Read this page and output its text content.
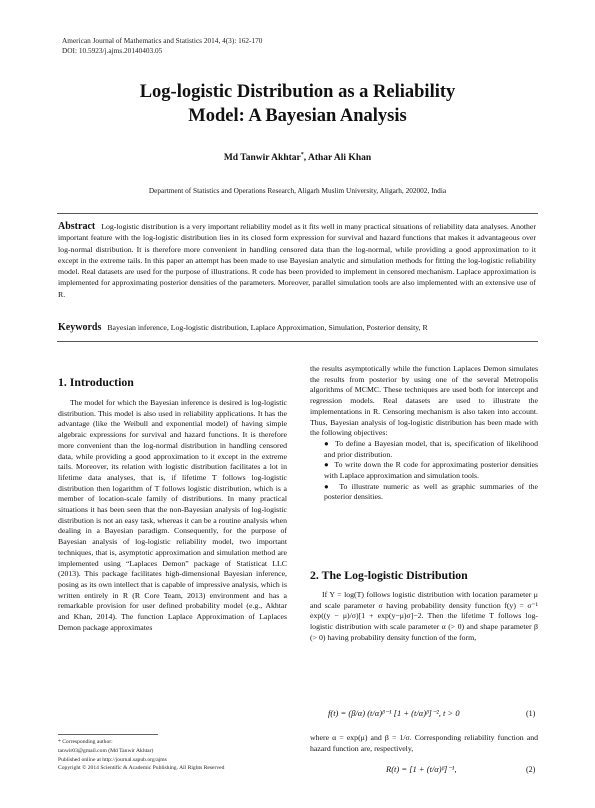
American Journal of Mathematics and Statistics 2014, 4(3): 162-170
DOI: 10.5923/j.ajms.20140403.05
Log-logistic Distribution as a Reliability
Model: A Bayesian Analysis
Md Tanwir Akhtar*, Athar Ali Khan
Department of Statistics and Operations Research, Aligarh Muslim University, Aligarh, 202002, India
Abstract Log-logistic distribution is a very important reliability model as it fits well in many practical situations of reliability data analyses. Another important feature with the log-logistic distribution lies in its closed form expression for survival and hazard functions that makes it advantageous over log-normal distribution. It is therefore more convenient in handling censored data than the log-normal, while providing a good approximation to it except in the extreme tails. In this paper an attempt has been made to use Bayesian analytic and simulation methods for fitting the log-logistic reliability model. Real datasets are used for the purpose of illustrations. R code has been provided to implement in censored mechanism. Laplace approximation is implemented for approximating posterior densities of the parameters. Moreover, parallel simulation tools are also implemented with an extensive use of R.
Keywords Bayesian inference, Log-logistic distribution, Laplace Approximation, Simulation, Posterior density, R
1. Introduction

The model for which the Bayesian inference is desired is log-logistic distribution. This model is also used in reliability applications. It has the advantage (like the Weibull and exponential model) of having simple algebraic expressions for survival and hazard functions. It is therefore more convenient than the log-normal distribution in handling censored data, while providing a good approximation to it except in the extreme tails. Moreover, its relation with logistic distribution facilitates a lot in lifetime data analyses, that is, if lifetime T follows log-logistic distribution then logarithm of T follows logistic distribution, which is a member of location-scale family of distributions. In many practical situations it has been seen that the non-Bayesian analysis of log-logistic distribution is not an easy task, whereas it can be a routine analysis when dealing in a Bayesian paradigm. Consequently, for the purpose of Bayesian analysis of log-logistic reliability model, two important techniques, that is, asymptotic approximation and simulation method are implemented using “Laplaces Demon” package of Statisticat LLC (2013). This package facilitates high-dimensional Bayesian inference, posing as its own intellect that is capable of impressive analysis, which is written entirely in R (R Core Team, 2013) environment and has a remarkable provision for user defined probability model (e.g., Akhtar and Khan, 2014). The function Laplace Approximation of Laplaces Demon package approximates

* Corresponding author:
tanwir03@gmail.com (Md Tanwir Akhtar)
Published online at http://journal.sapub.org/ajms
Copyright © 2014 Scientific & Academic Publishing. All Rights Reserved

the results asymptotically while the function Laplaces Demon simulates the results from posterior by using one of the several Metropolis algorithms of MCMC. These techniques are used both for intercept and regression models. Real datasets are used to illustrate the implementations in R. Censoring mechanism is also taken into account. Thus, Bayesian analysis of log-logistic distribution has been made with the following objectives:

●  To define a Bayesian model, that is, specification of likelihood and prior distribution.
●  To write down the R code for approximating posterior densities with Laplace approximation and simulation tools.
●  To illustrate numeric as well as graphic summaries of the posterior densities.
2. The Log-logistic Distribution

If Y = log(T) follows logistic distribution with location parameter μ and scale parameter σ having probability density function f(y) = σ⁻¹ exp((y − μ)/σ)[1 + exp(y−μ)σ]−2. Then the lifetime T follows log-logistic distribution with scale parameter α (> 0) and shape parameter β (> 0) having probability density function of the form,

f(t) = (β/α) (t/α)ᵝ⁻¹ [1 + (t/α)ᵝ]⁻², t > 0	(1)

where α = exp(μ) and β = 1/σ. Corresponding reliability function and hazard function are, respectively,

R(t) = [1 + (t/α)ᵝ]⁻¹,	(2)
